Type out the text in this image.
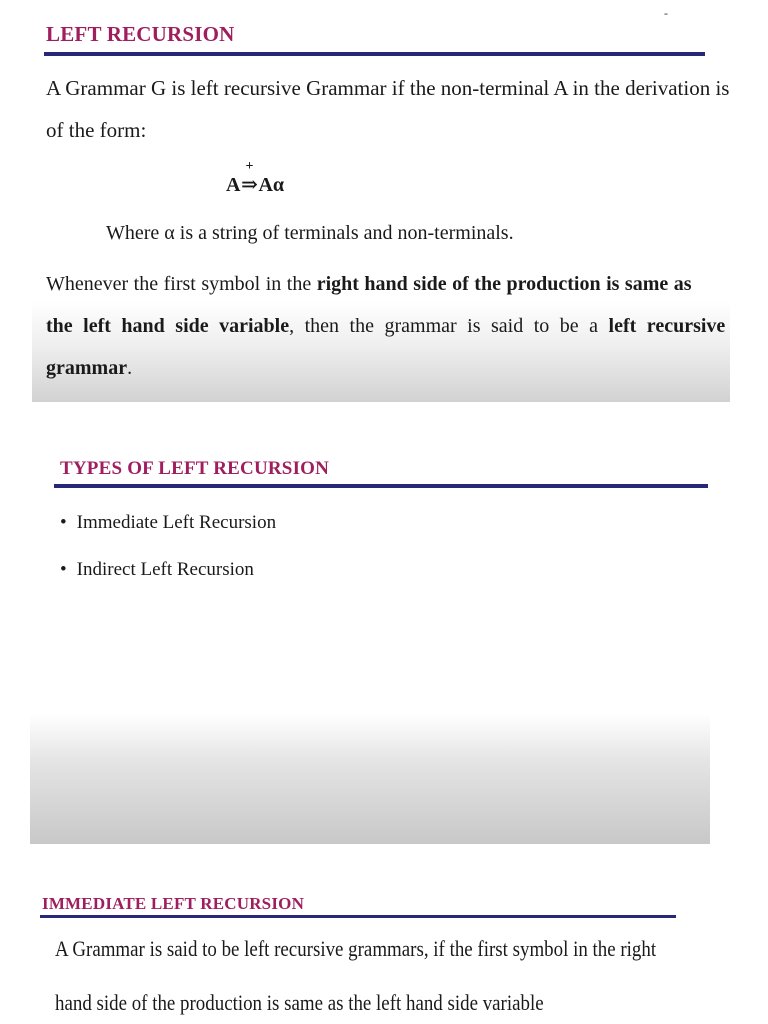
LEFT RECURSION
-
A Grammar G is left recursive Grammar if the non-terminal A in the derivation is
of the form:
A
+
⇒Aα
Where α is a string of terminals and non-terminals.
Whenever the first symbol in the right hand side of the production is same as
the left hand side variable, then the grammar is said to be a left recursive
grammar.
TYPES OF LEFT RECURSION
• Immediate Left Recursion
• Indirect Left Recursion
IMMEDIATE LEFT RECURSION
A Grammar is said to be left recursive grammars, if the first symbol in the right
hand side of the production is same as the left hand side variable
